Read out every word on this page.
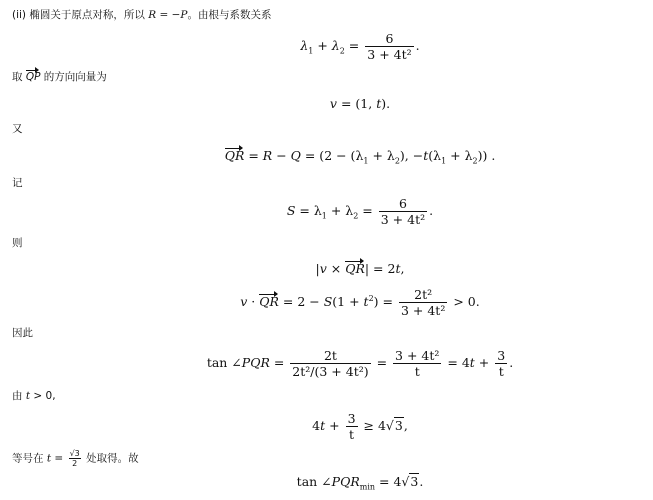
(ii) 椭圆关于原点对称，所以 R = −P。由根与系数关系
$\lambda_1 + \lambda_2 = \frac{6}{\text{3 + 4t²}}$ .
取 QP 的方向向量为
v = (1, t).
又
QR = $R - Q = (2 - (\lambda_1 + \lambda_2)$, $-t(\lambda_1 + \lambda_2)$) .
记
$S = \lambda_1 + \lambda_2 = \frac{6}{\text{3 + 4t²}}$ .
则
|v × QR| = 2t,
v · QR = $2 - S(1 + t^2) = \frac{\text{2t²}}{\text{3 + 4t²}} > 0$.
因此
tan ∠PQR = $\frac{2t}{\text{2t²/(3 + 4t²)}} = \frac{\text{3 + 4t²}}{t} = 4t + \frac{3}{t}$ .
由 t > 0,
$4t + \frac{3}{t} \ge 4√3$,
等号在 $t = \frac{√3}{2}$ 处取得。故
$\tan \angle PQR_{min} = 4√3$.
